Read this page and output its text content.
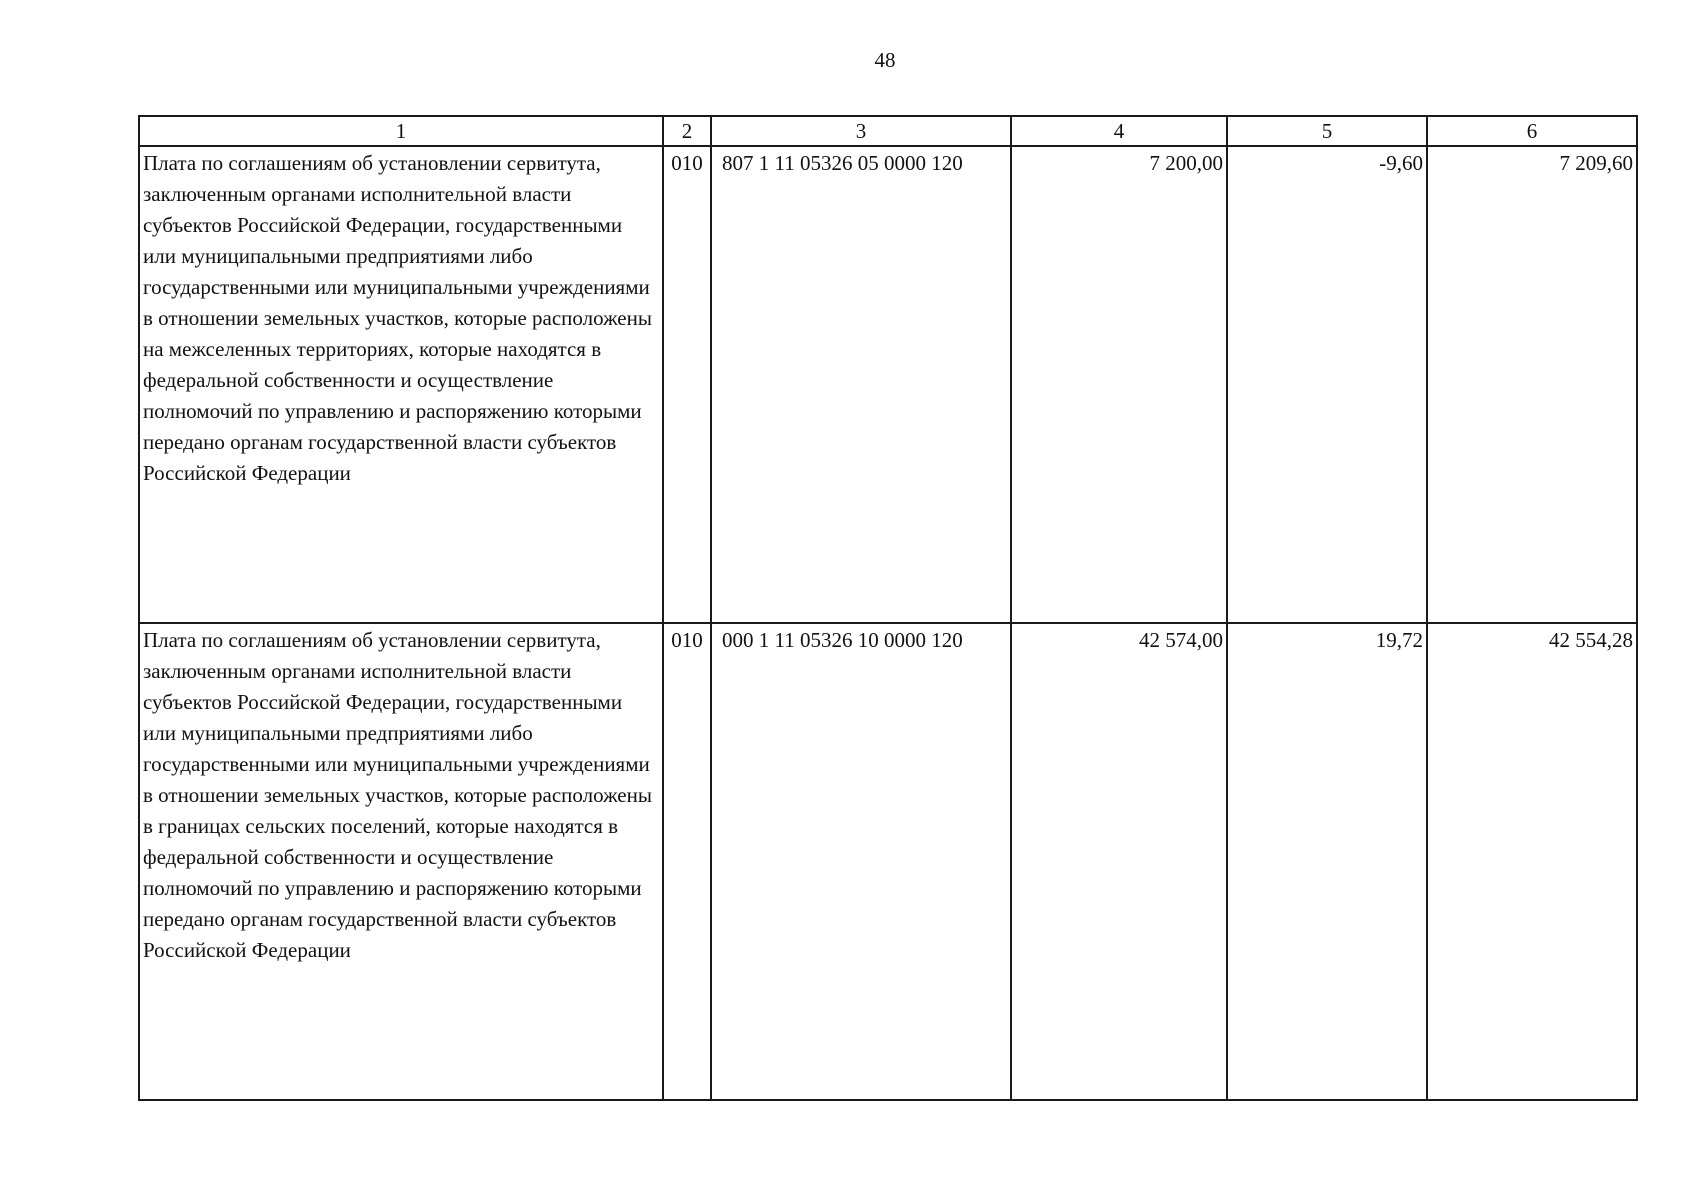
48
1	2	3	4	5	6
Плата по соглашениям об установлении сервитута, заключенным органами исполнительной власти субъектов Российской Федерации, государственными или муниципальными предприятиями либо государственными или муниципальными учреждениями в отношении земельных участков, которые расположены на межселенных территориях, которые находятся в федеральной собственности и осуществление полномочий по управлению и распоряжению которыми передано органам государственной власти субъектов Российской Федерации	010	807 1 11 05326 05 0000 120	7 200,00	-9,60	7 209,60
Плата по соглашениям об установлении сервитута, заключенным органами исполнительной власти субъектов Российской Федерации, государственными или муниципальными предприятиями либо государственными или муниципальными учреждениями в отношении земельных участков, которые расположены в границах сельских поселений, которые находятся в федеральной собственности и осуществление полномочий по управлению и распоряжению которыми передано органам государственной власти субъектов Российской Федерации	010	000 1 11 05326 10 0000 120	42 574,00	19,72	42 554,28
